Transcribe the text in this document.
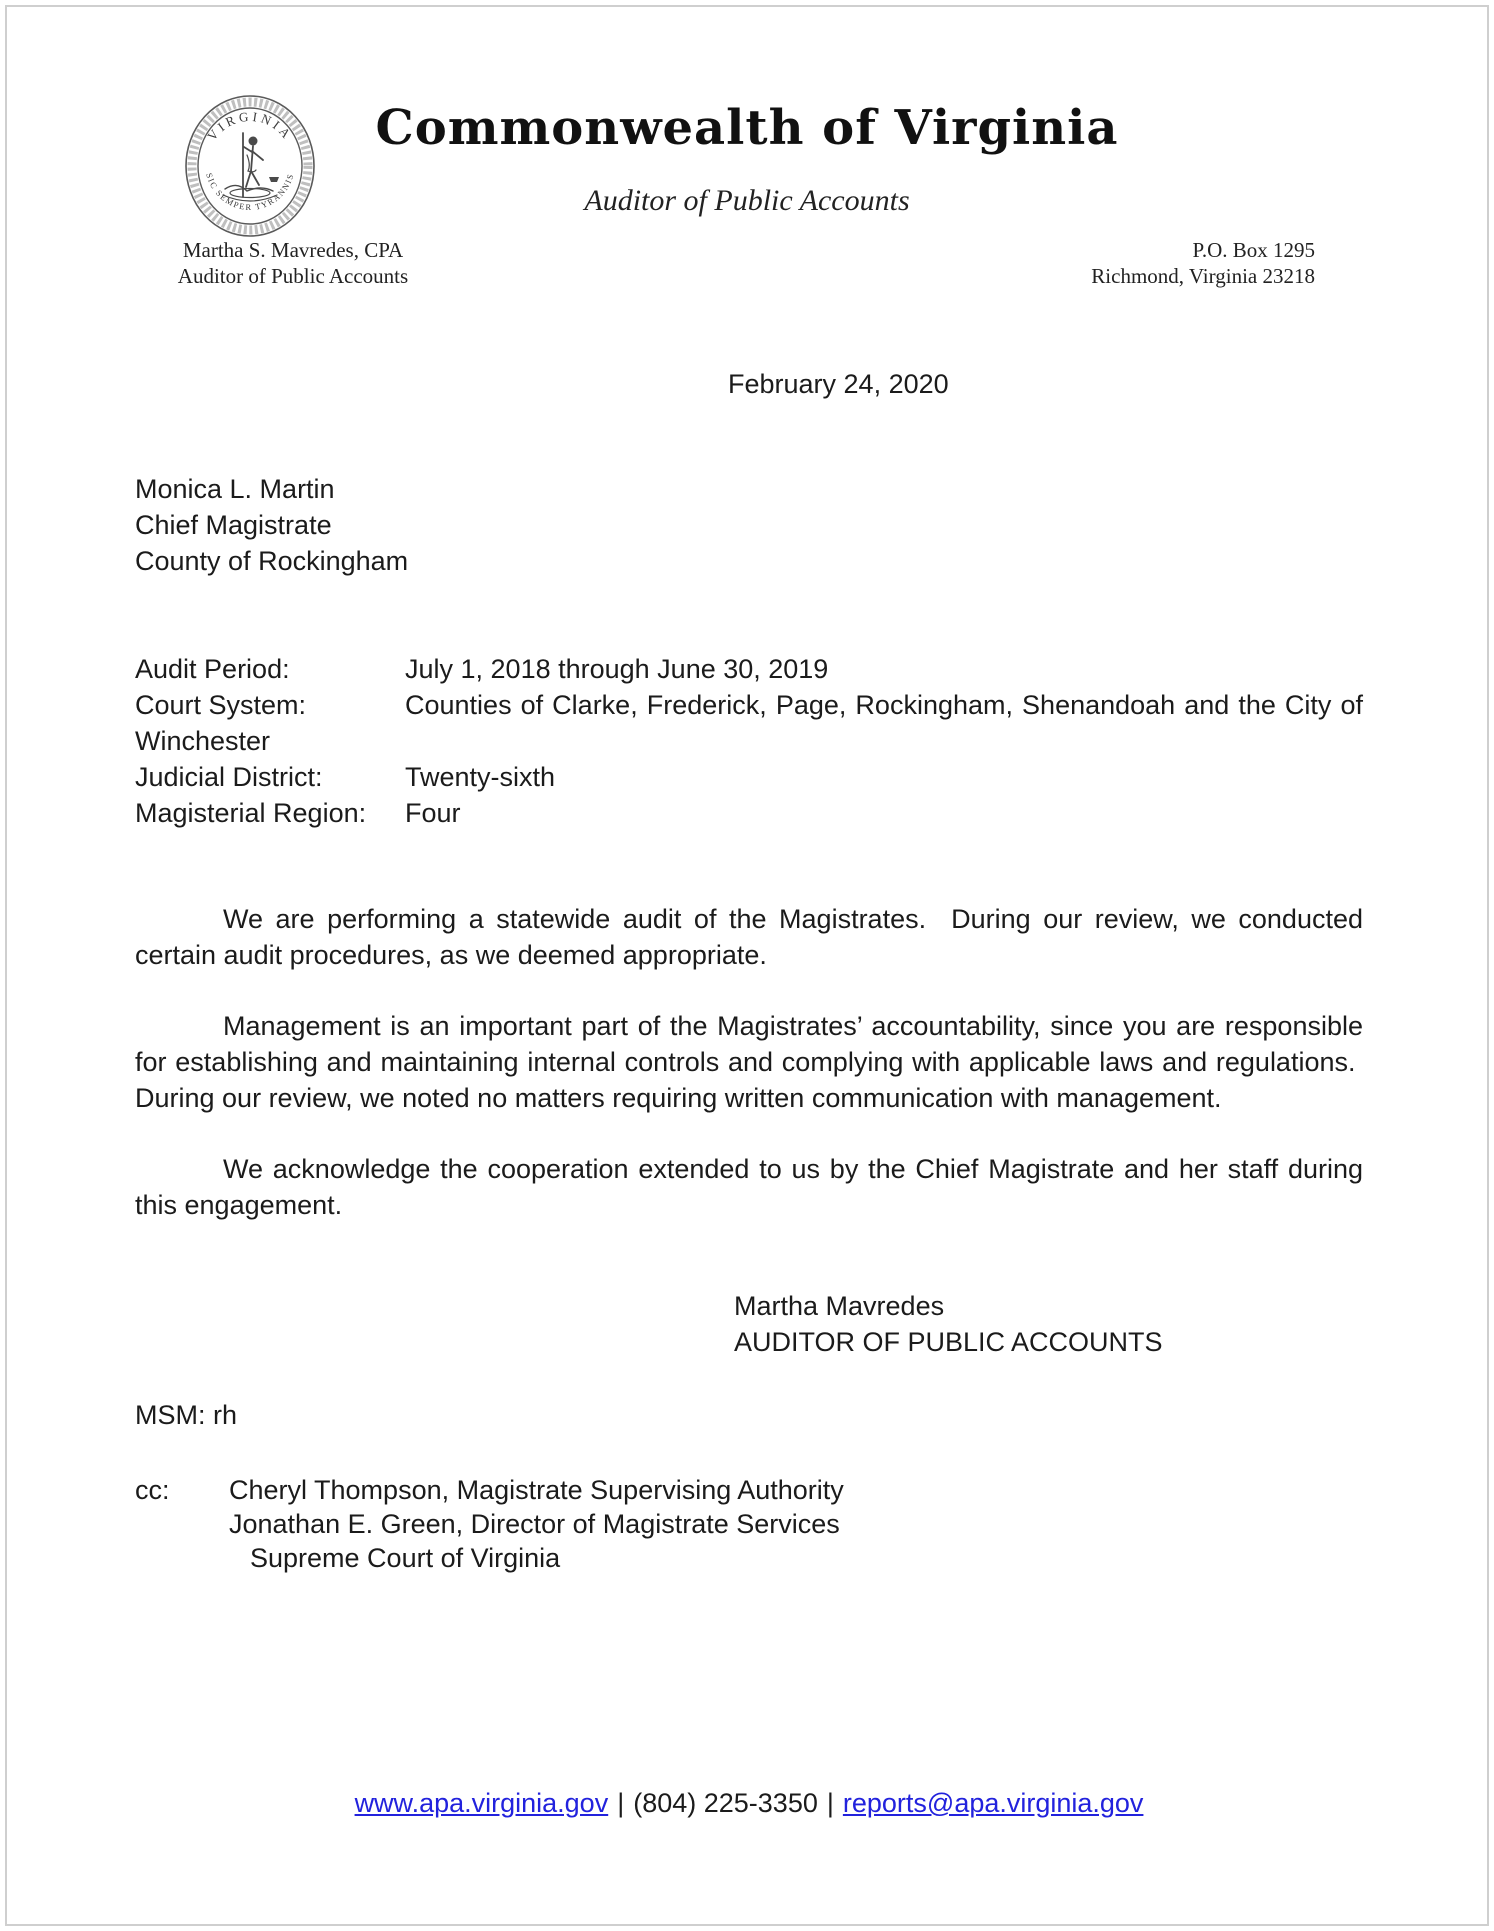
VIRGINIA
SIC SEMPER TYRANNIS
Commonwealth of Virginia
Auditor of Public Accounts
Martha S. Mavredes, CPA
Auditor of Public Accounts
P.O. Box 1295
Richmond, Virginia 23218
February 24, 2020
Monica L. Martin
Chief Magistrate
County of Rockingham
Audit Period:	July 1, 2018 through June 30, 2019
Court System:	Counties of Clarke, Frederick, Page, Rockingham, Shenandoah and the City of
Winchester
Judicial District:	Twenty-sixth
Magisterial Region:	Four

We are performing a statewide audit of the Magistrates.  During our review, we conducted certain audit procedures, as we deemed appropriate.

Management is an important part of the Magistrates’ accountability, since you are responsible for establishing and maintaining internal controls and complying with applicable laws and regulations.  During our review, we noted no matters requiring written communication with management.

We acknowledge the cooperation extended to us by the Chief Magistrate and her staff during this engagement.

Martha Mavredes
AUDITOR OF PUBLIC ACCOUNTS
MSM: rh
cc:	Cheryl Thompson, Magistrate Supervising Authority
Jonathan E. Green, Director of Magistrate Services
Supreme Court of Virginia
www.apa.virginia.gov | (804) 225-3350 | reports@apa.virginia.gov
